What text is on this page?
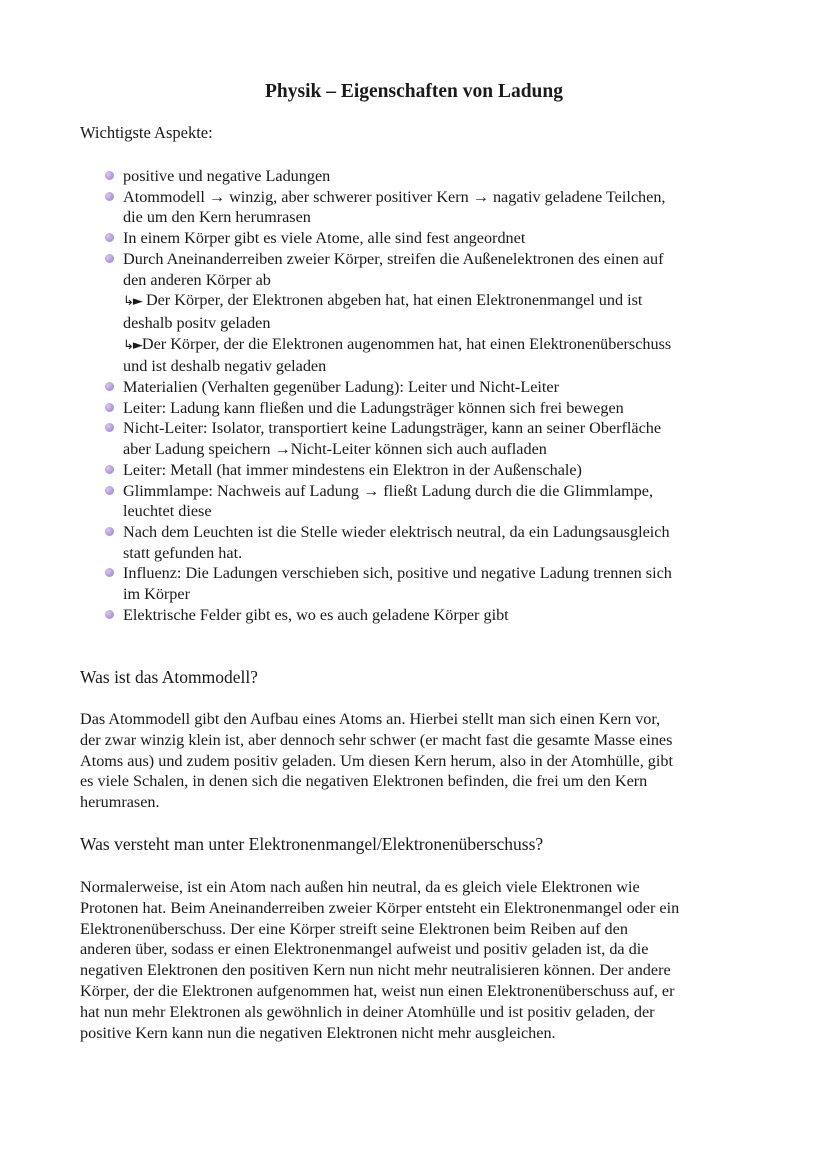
Physik – Eigenschaften von Ladung
Wichtigste Aspekte:
positive und negative Ladungen
Atommodell → winzig, aber schwerer positiver Kern → nagativ geladene Teilchen,
die um den Kern herumrasen
In einem Körper gibt es viele Atome, alle sind fest angeordnet
Durch Aneinanderreiben zweier Körper, streifen die Außenelektronen des einen auf
den anderen Körper ab
↳► Der Körper, der Elektronen abgeben hat, hat einen Elektronenmangel und ist
deshalb positv geladen
↳►Der Körper, der die Elektronen augenommen hat, hat einen Elektronenüberschuss
und ist deshalb negativ geladen
Materialien (Verhalten gegenüber Ladung): Leiter und Nicht-Leiter
Leiter: Ladung kann fließen und die Ladungsträger können sich frei bewegen
Nicht-Leiter: Isolator, transportiert keine Ladungsträger, kann an seiner Oberfläche
aber Ladung speichern →Nicht-Leiter können sich auch aufladen
Leiter: Metall (hat immer mindestens ein Elektron in der Außenschale)
Glimmlampe: Nachweis auf Ladung → fließt Ladung durch die die Glimmlampe,
leuchtet diese
Nach dem Leuchten ist die Stelle wieder elektrisch neutral, da ein Ladungsausgleich
statt gefunden hat.
Influenz: Die Ladungen verschieben sich, positive und negative Ladung trennen sich
im Körper
Elektrische Felder gibt es, wo es auch geladene Körper gibt
Was ist das Atommodell?

Das Atommodell gibt den Aufbau eines Atoms an. Hierbei stellt man sich einen Kern vor,
der zwar winzig klein ist, aber dennoch sehr schwer (er macht fast die gesamte Masse eines
Atoms aus) und zudem positiv geladen. Um diesen Kern herum, also in der Atomhülle, gibt
es viele Schalen, in denen sich die negativen Elektronen befinden, die frei um den Kern
herumrasen.

Was versteht man unter Elektronenmangel/Elektronenüberschuss?

Normalerweise, ist ein Atom nach außen hin neutral, da es gleich viele Elektronen wie
Protonen hat. Beim Aneinanderreiben zweier Körper entsteht ein Elektronenmangel oder ein
Elektronenüberschuss. Der eine Körper streift seine Elektronen beim Reiben auf den
anderen über, sodass er einen Elektronenmangel aufweist und positiv geladen ist, da die
negativen Elektronen den positiven Kern nun nicht mehr neutralisieren können. Der andere
Körper, der die Elektronen aufgenommen hat, weist nun einen Elektronenüberschuss auf, er
hat nun mehr Elektronen als gewöhnlich in deiner Atomhülle und ist positiv geladen, der
positive Kern kann nun die negativen Elektronen nicht mehr ausgleichen.
